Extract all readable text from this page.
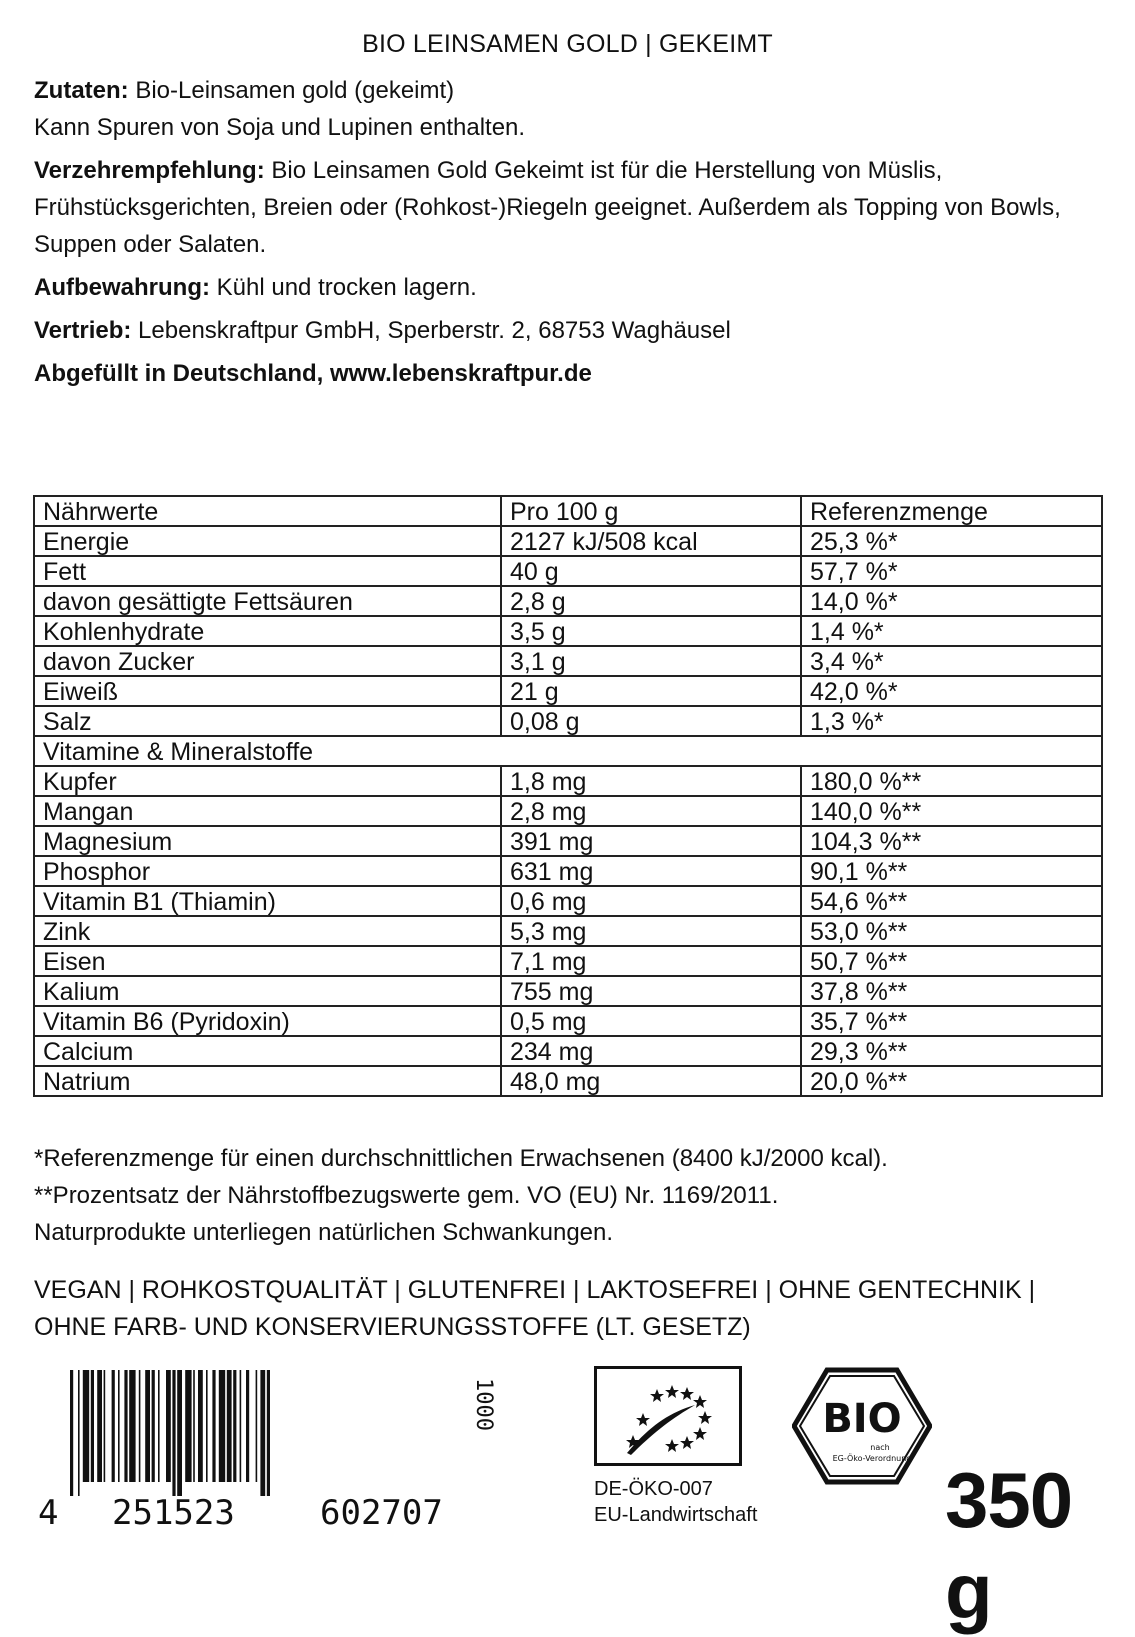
BIO LEINSAMEN GOLD | GEKEIMT

Zutaten: Bio-Leinsamen gold (gekeimt)
Kann Spuren von Soja und Lupinen enthalten.

Verzehrempfehlung: Bio Leinsamen Gold Gekeimt ist für die Herstellung von Müslis, Frühstücksgerichten, Breien oder (Rohkost-)Riegeln geeignet. Außerdem als Topping von Bowls, Suppen oder Salaten.

Aufbewahrung: Kühl und trocken lagern.

Vertrieb: Lebenskraftpur GmbH, Sperberstr. 2, 68753 Waghäusel

Abgefüllt in Deutschland, www.lebenskraftpur.de

Nährwerte	Pro 100 g	Referenzmenge
Energie	2127 kJ/508 kcal	25,3 %*
Fett	40 g	57,7 %*
davon gesättigte Fettsäuren	2,8 g	14,0 %*
Kohlenhydrate	3,5 g	1,4 %*
davon Zucker	3,1 g	3,4 %*
Eiweiß	21 g	42,0 %*
Salz	0,08 g	1,3 %*
Vitamine & Mineralstoffe		
Kupfer	1,8 mg	180,0 %**
Mangan	2,8 mg	140,0 %**
Magnesium	391 mg	104,3 %**
Phosphor	631 mg	90,1 %**
Vitamin B1 (Thiamin)	0,6 mg	54,6 %**
Zink	5,3 mg	53,0 %**
Eisen	7,1 mg	50,7 %**
Kalium	755 mg	37,8 %**
Vitamin B6 (Pyridoxin)	0,5 mg	35,7 %**
Calcium	234 mg	29,3 %**
Natrium	48,0 mg	20,0 %**

*Referenzmenge für einen durchschnittlichen Erwachsenen (8400 kJ/2000 kcal).

**Prozentsatz der Nährstoffbezugswerte gem. VO (EU) Nr. 1169/2011.

Naturprodukte unterliegen natürlichen Schwankungen.

VEGAN | ROHKOSTQUALITÄT | GLUTENFREI | LAKTOSEFREI | OHNE GENTECHNIK | OHNE FARB- UND KONSERVIERUNGSSTOFFE (LT. GESETZ)
4 251523	602707
1000
DE-ÖKO-007
EU-Landwirtschaft
BIO
nach
EG-Öko-Verordnung 350 g
